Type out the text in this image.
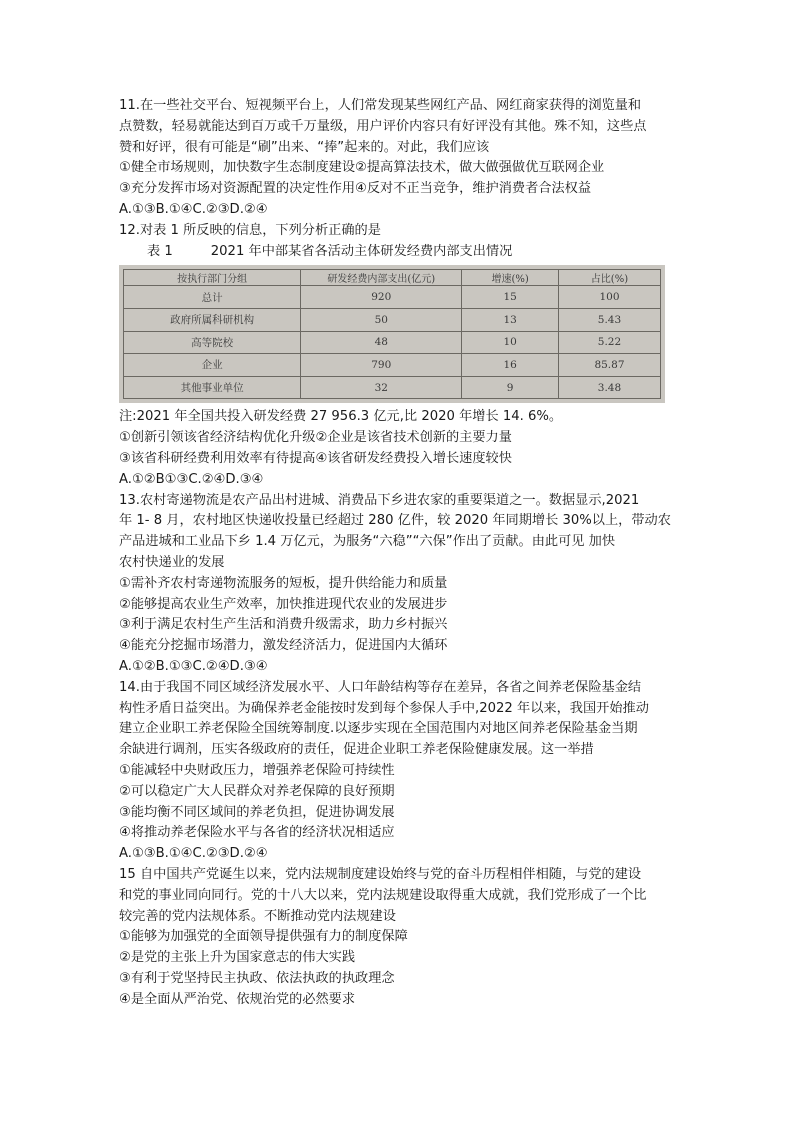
11.在一些社交平台、短视频平台上，人们常发现某些网红产品、网红商家获得的浏览量和
点赞数，轻易就能达到百万或千万量级，用户评价内容只有好评没有其他。殊不知，这些点
赞和好评，很有可能是“刷”出来、“捧”起来的。对此，我们应该
①健全市场规则，加快数字生态制度建设②提高算法技术，做大做强做优互联网企业
③充分发挥市场对资源配置的决定性作用④反对不正当竞争，维护消费者合法权益
A.①③B.①④C.②③D.②④
12.对表 1 所反映的信息，下列分析正确的是
表 1	2021 年中部某省各活动主体研发经费内部支出情况
按执行部门分组	研发经费内部支出(亿元)	增速(%)	占比(%)
总计	920	15	100
政府所属科研机构	50	13	5.43
高等院校	48	10	5.22
企业	790	16	85.87
其他事业单位	32	9	3.48
注:2021 年全国共投入研发经费 27 956.3 亿元,比 2020 年增长 14. 6%。
①创新引领该省经济结构优化升级②企业是该省技术创新的主要力量
③该省科研经费利用效率有待提高④该省研发经费投入增长速度较快
A.①②B①③C.②④D.③④
13.农村寄递物流是农产品出村进城、消费品下乡进农家的重要渠道之一。数据显示,2021
年 1- 8 月，农村地区快递收投量已经超过 280 亿件，较 2020 年同期增长 30%以上，带动农
产品进城和工业品下乡 1.4 万亿元，为服务“六稳”“六保”作出了贡献。由此可见 加快
农村快递业的发展
①需补齐农村寄递物流服务的短板，提升供给能力和质量
②能够提高农业生产效率，加快推进现代农业的发展进步
③利于满足农村生产生活和消费升级需求，助力乡村振兴
④能充分挖掘市场潜力，激发经济活力，促进国内大循环
A.①②B.①③C.②④D.③④
14.由于我国不同区域经济发展水平、人口年龄结构等存在差异，各省之间养老保险基金结
构性矛盾日益突出。为确保养老金能按时发到每个参保人手中,2022 年以来，我国开始推动
建立企业职工养老保险全国统筹制度.以逐步实现在全国范围内对地区间养老保险基金当期
余缺进行调剂，压实各级政府的责任，促进企业职工养老保险健康发展。这一举措
①能减轻中央财政压力，增强养老保险可持续性
②可以稳定广大人民群众对养老保障的良好预期
③能均衡不同区域间的养老负担，促进协调发展
④将推动养老保险水平与各省的经济状况相适应
A.①③B.①④C.②③D.②④
15 自中国共产党诞生以来，党内法规制度建设始终与党的奋斗历程相伴相随，与党的建设
和党的事业同向同行。党的十八大以来，党内法规建设取得重大成就，我们党形成了一个比
较完善的党内法规体系。不断推动党内法规建设
①能够为加强党的全面领导提供强有力的制度保障
②是党的主张上升为国家意志的伟大实践
③有利于党坚持民主执政、依法执政的执政理念
④是全面从严治党、依规治党的必然要求
